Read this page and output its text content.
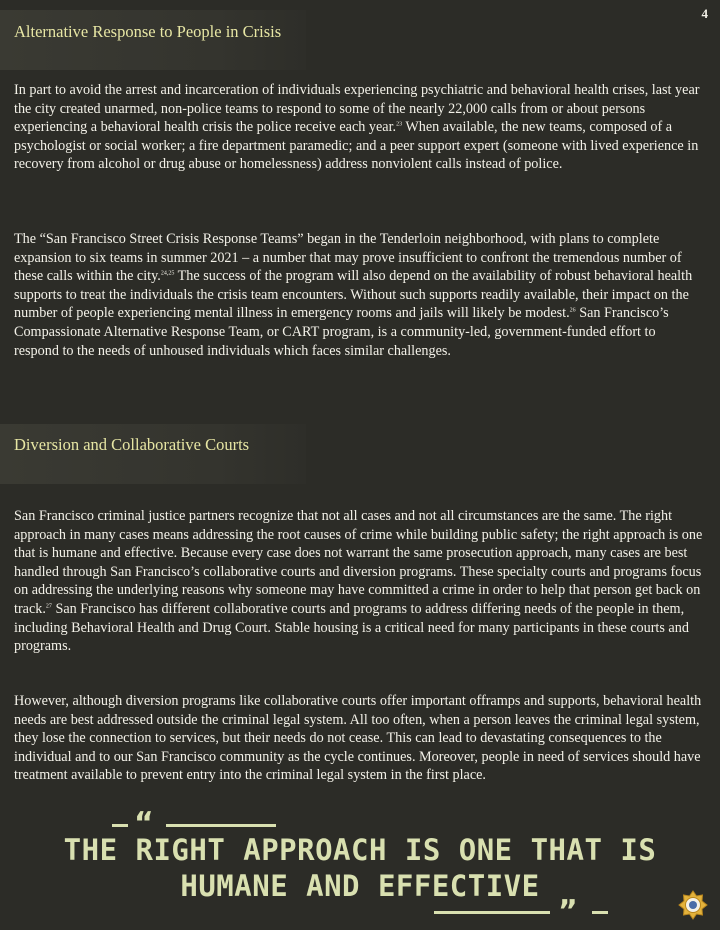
4
Alternative Response to People in Crisis

In part to avoid the arrest and incarceration of individuals experiencing psychiatric and behavioral health crises, last year the city created unarmed, non-police teams to respond to some of the nearly 22,000 calls from or about persons experiencing a behavioral health crisis the police receive each year.$^{23}$ When available, the new teams, composed of a psychologist or social worker; a fire department paramedic; and a peer support expert (someone with lived experience in recovery from alcohol or drug abuse or homelessness) address nonviolent calls instead of police.

The “San Francisco Street Crisis Response Teams” began in the Tenderloin neighborhood, with plans to complete expansion to six teams in summer 2021 – a number that may prove insufficient to confront the tremendous number of these calls within the city.$^{24,25}$ The success of the program will also depend on the availability of robust behavioral health supports to treat the individuals the crisis team encounters. Without such supports readily available, their impact on the number of people experiencing mental illness in emergency rooms and jails will likely be modest.$^{26}$ San Francisco’s Compassionate Alternative Response Team, or CART program, is a community-led, government-funded effort to respond to the needs of unhoused individuals which faces similar challenges.

Diversion and Collaborative Courts

San Francisco criminal justice partners recognize that not all cases and not all circumstances are the same. The right approach in many cases means addressing the root causes of crime while building public safety; the right approach is one that is humane and effective. Because every case does not warrant the same prosecution approach, many cases are best handled through San Francisco’s collaborative courts and diversion programs. These specialty courts and programs focus on addressing the underlying reasons why someone may have committed a crime in order to help that person get back on track.$^{27}$ San Francisco has different collaborative courts and programs to address differing needs of the people in them, including Behavioral Health and Drug Court. Stable housing is a critical need for many participants in these courts and programs.

However, although diversion programs like collaborative courts offer important offramps and supports, behavioral health needs are best addressed outside the criminal legal system. All too often, when a person leaves the criminal legal system, they lose the connection to services, but their needs do not cease. This can lead to devastating consequences to the individual and to our San Francisco community as the cycle continues. Moreover, people in need of services should have treatment available to prevent entry into the criminal legal system in the first place.

“
THE RIGHT APPROACH IS ONE THAT IS
HUMANE AND EFFECTIVE
”
